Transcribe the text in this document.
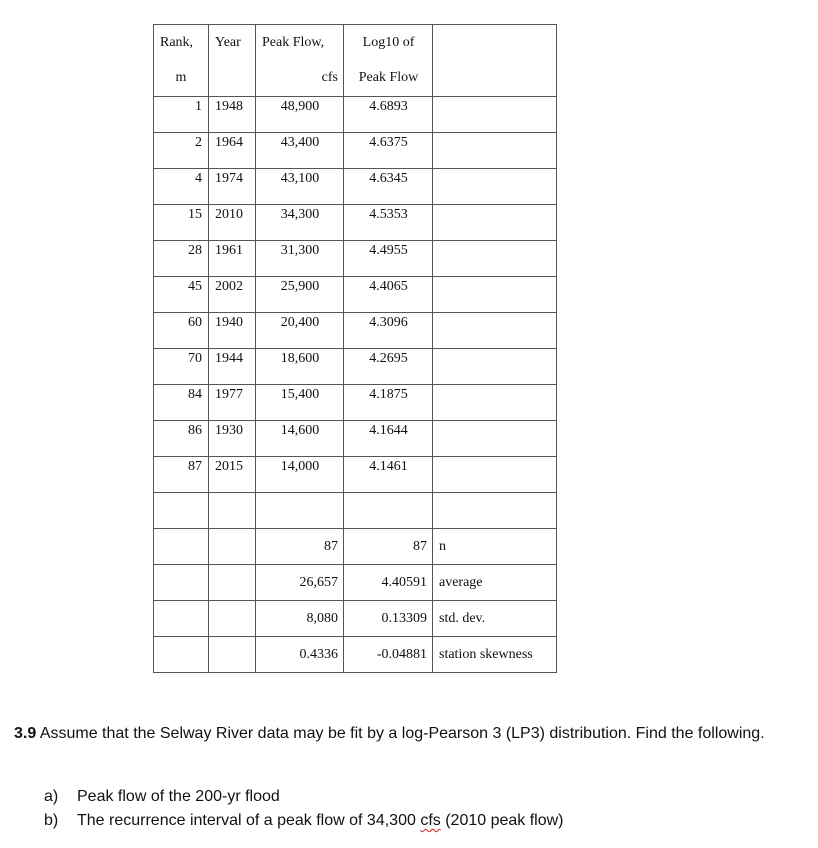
Rank,	Year	Peak Flow,	Log10 of	
m		cfs	Peak Flow	
1	1948	48,900	4.6893	
2	1964	43,400	4.6375	
4	1974	43,100	4.6345	
15	2010	34,300	4.5353	
28	1961	31,300	4.4955	
45	2002	25,900	4.4065	
60	1940	20,400	4.3096	
70	1944	18,600	4.2695	
84	1977	15,400	4.1875	
86	1930	14,600	4.1644	
87	2015	14,000	4.1461	

		87	87	n
		26,657	4.40591	average
		8,080	0.13309	std. dev.
		0.4336	-0.04881	station skewness
3.9 Assume that the Selway River data may be fit by a log-Pearson 3 (LP3) distribution. Find the following.
a) Peak flow of the 200-yr flood
b) The recurrence interval of a peak flow of 34,300 cfs (2010 peak flow)
